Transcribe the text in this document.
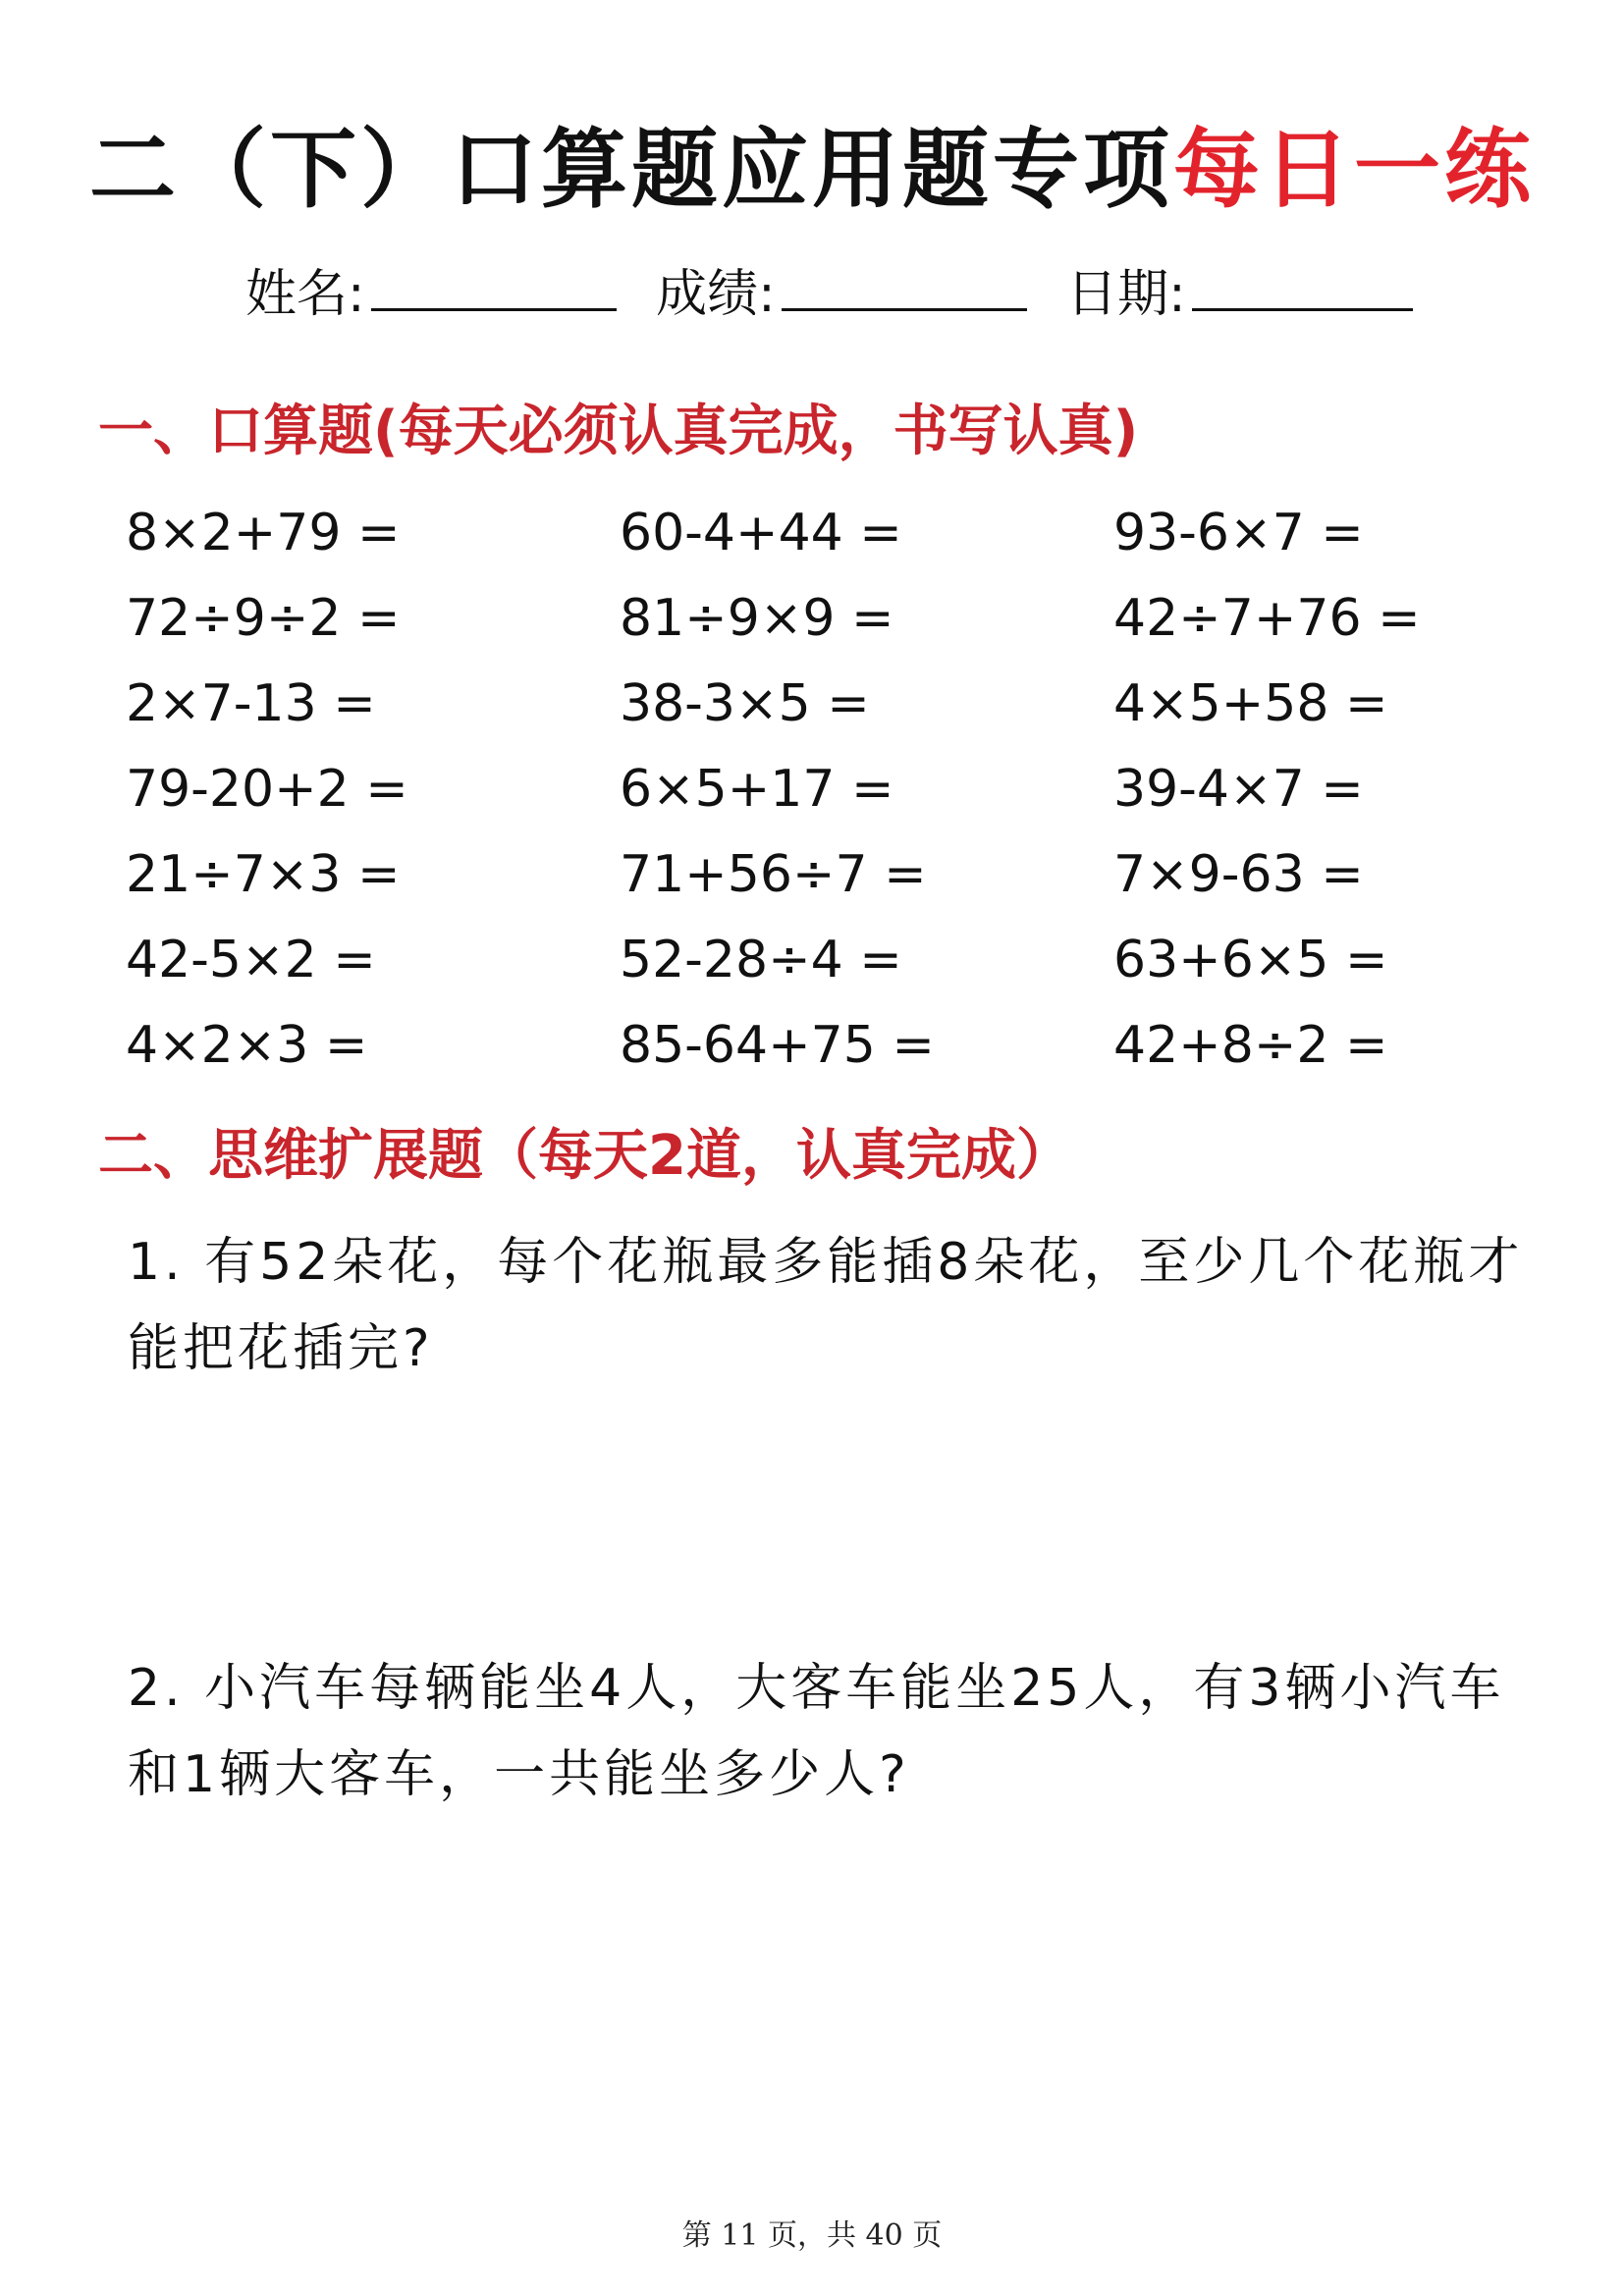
二（下）口算题应用题专项每日一练
姓名:	成绩:	日期:
一、口算题(每天必须认真完成，书写认真)
8×2+79 =	60-4+44 =	93-6×7 =
72÷9÷2 =	81÷9×9 =	42÷7+76 =
2×7-13 =	38-3×5 =	4×5+58 =
79-20+2 =	6×5+17 =	39-4×7 =
21÷7×3 =	71+56÷7 =	7×9-63 =
42-5×2 =	52-28÷4 =	63+6×5 =
4×2×3 =	85-64+75 =	42+8÷2 =
二、思维扩展题（每天2道，认真完成）
1. 有52朵花，每个花瓶最多能插8朵花，至少几个花瓶才能把花插完?
2. 小汽车每辆能坐4人，大客车能坐25人，有3辆小汽车和1辆大客车，一共能坐多少人?
第 11 页，共 40 页
